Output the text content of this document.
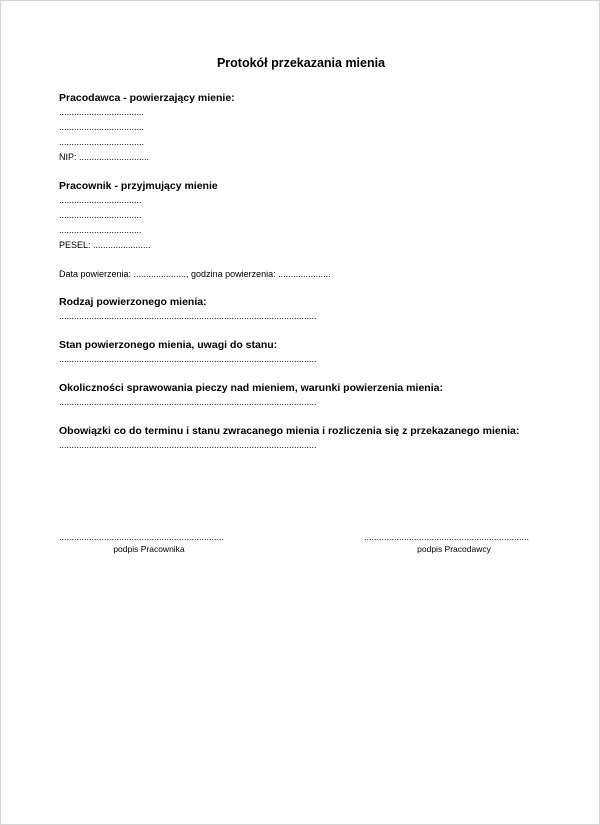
Protokół przekazania mienia

Pracodawca - powierzający mienie:

..................................

..................................

..................................

NIP: ............................

Pracownik - przyjmujący mienie

.................................

.................................

.................................

PESEL: .......................

Data powierzenia: ....................., godzina powierzenia: .....................

Rodzaj powierzonego mienia:

.......................................................................................................

Stan powierzonego mienia, uwagi do stanu:

.......................................................................................................

Okoliczności sprawowania pieczy nad mieniem, warunki powierzenia mienia:

.......................................................................................................

Obowiązki co do terminu i stanu zwracanego mienia i rozliczenia się z przekazanego mienia:

.......................................................................................................

..................................................................
podpis Pracownika
..................................................................
podpis Pracodawcy
